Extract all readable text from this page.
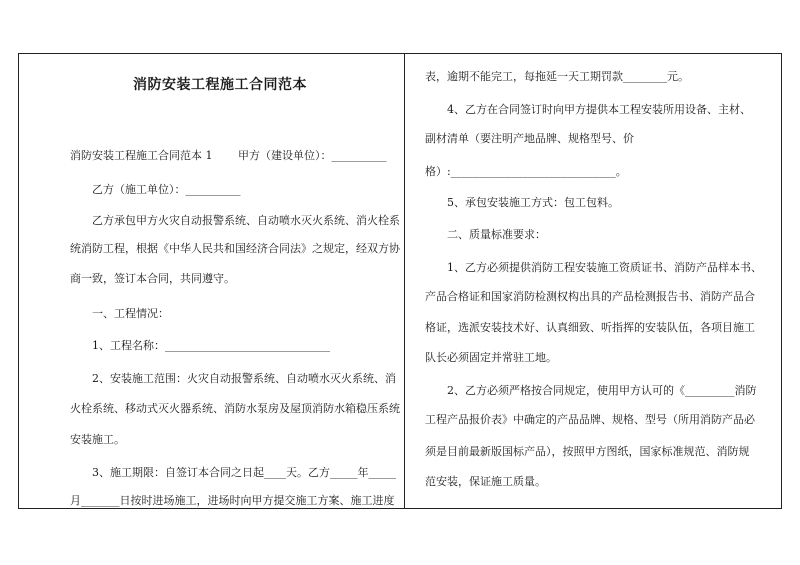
消防安装工程施工合同范本

消防安装工程施工合同范本 1 　　甲方（建设单位）：__________

乙方（施工单位）：__________

乙方承包甲方火灾自动报警系统、自动喷水灭火系统、消火栓系

统消防工程，根据《中华人民共和国经济合同法》之规定，经双方协

商一致，签订本合同，共同遵守。

一、工程情况：

1、工程名称：______________________________

2、安装施工范围：火灾自动报警系统、自动喷水灭火系统、消

火栓系统、移动式灭火器系统、消防水泵房及屋顶消防水箱稳压系统

安装施工。

3、施工期限：自签订本合同之日起____天。乙方_____年_____

月_______日按时进场施工，进场时向甲方提交施工方案、施工进度

表，逾期不能完工，每拖延一天工期罚款________元。

4、乙方在合同签订时向甲方提供本工程安装所用设备、主材、

副材清单（要注明产地品牌、规格型号、价

格）:______________________________。

5、承包安装施工方式：包工包料。

二、质量标准要求：

1、乙方必须提供消防工程安装施工资质证书、消防产品样本书、

产品合格证和国家消防检测权构出具的产品检测报告书、消防产品合

格证，选派安装技术好、认真细致、听指挥的安装队伍，各项目施工

队长必须固定并常驻工地。

2、乙方必须严格按合同规定，使用甲方认可的《_________消防

工程产品报价表》中确定的产品品牌、规格、型号（所用消防产品必

须是目前最新版国标产品），按照甲方图纸，国家标准规范、消防规

范安装，保证施工质量。
